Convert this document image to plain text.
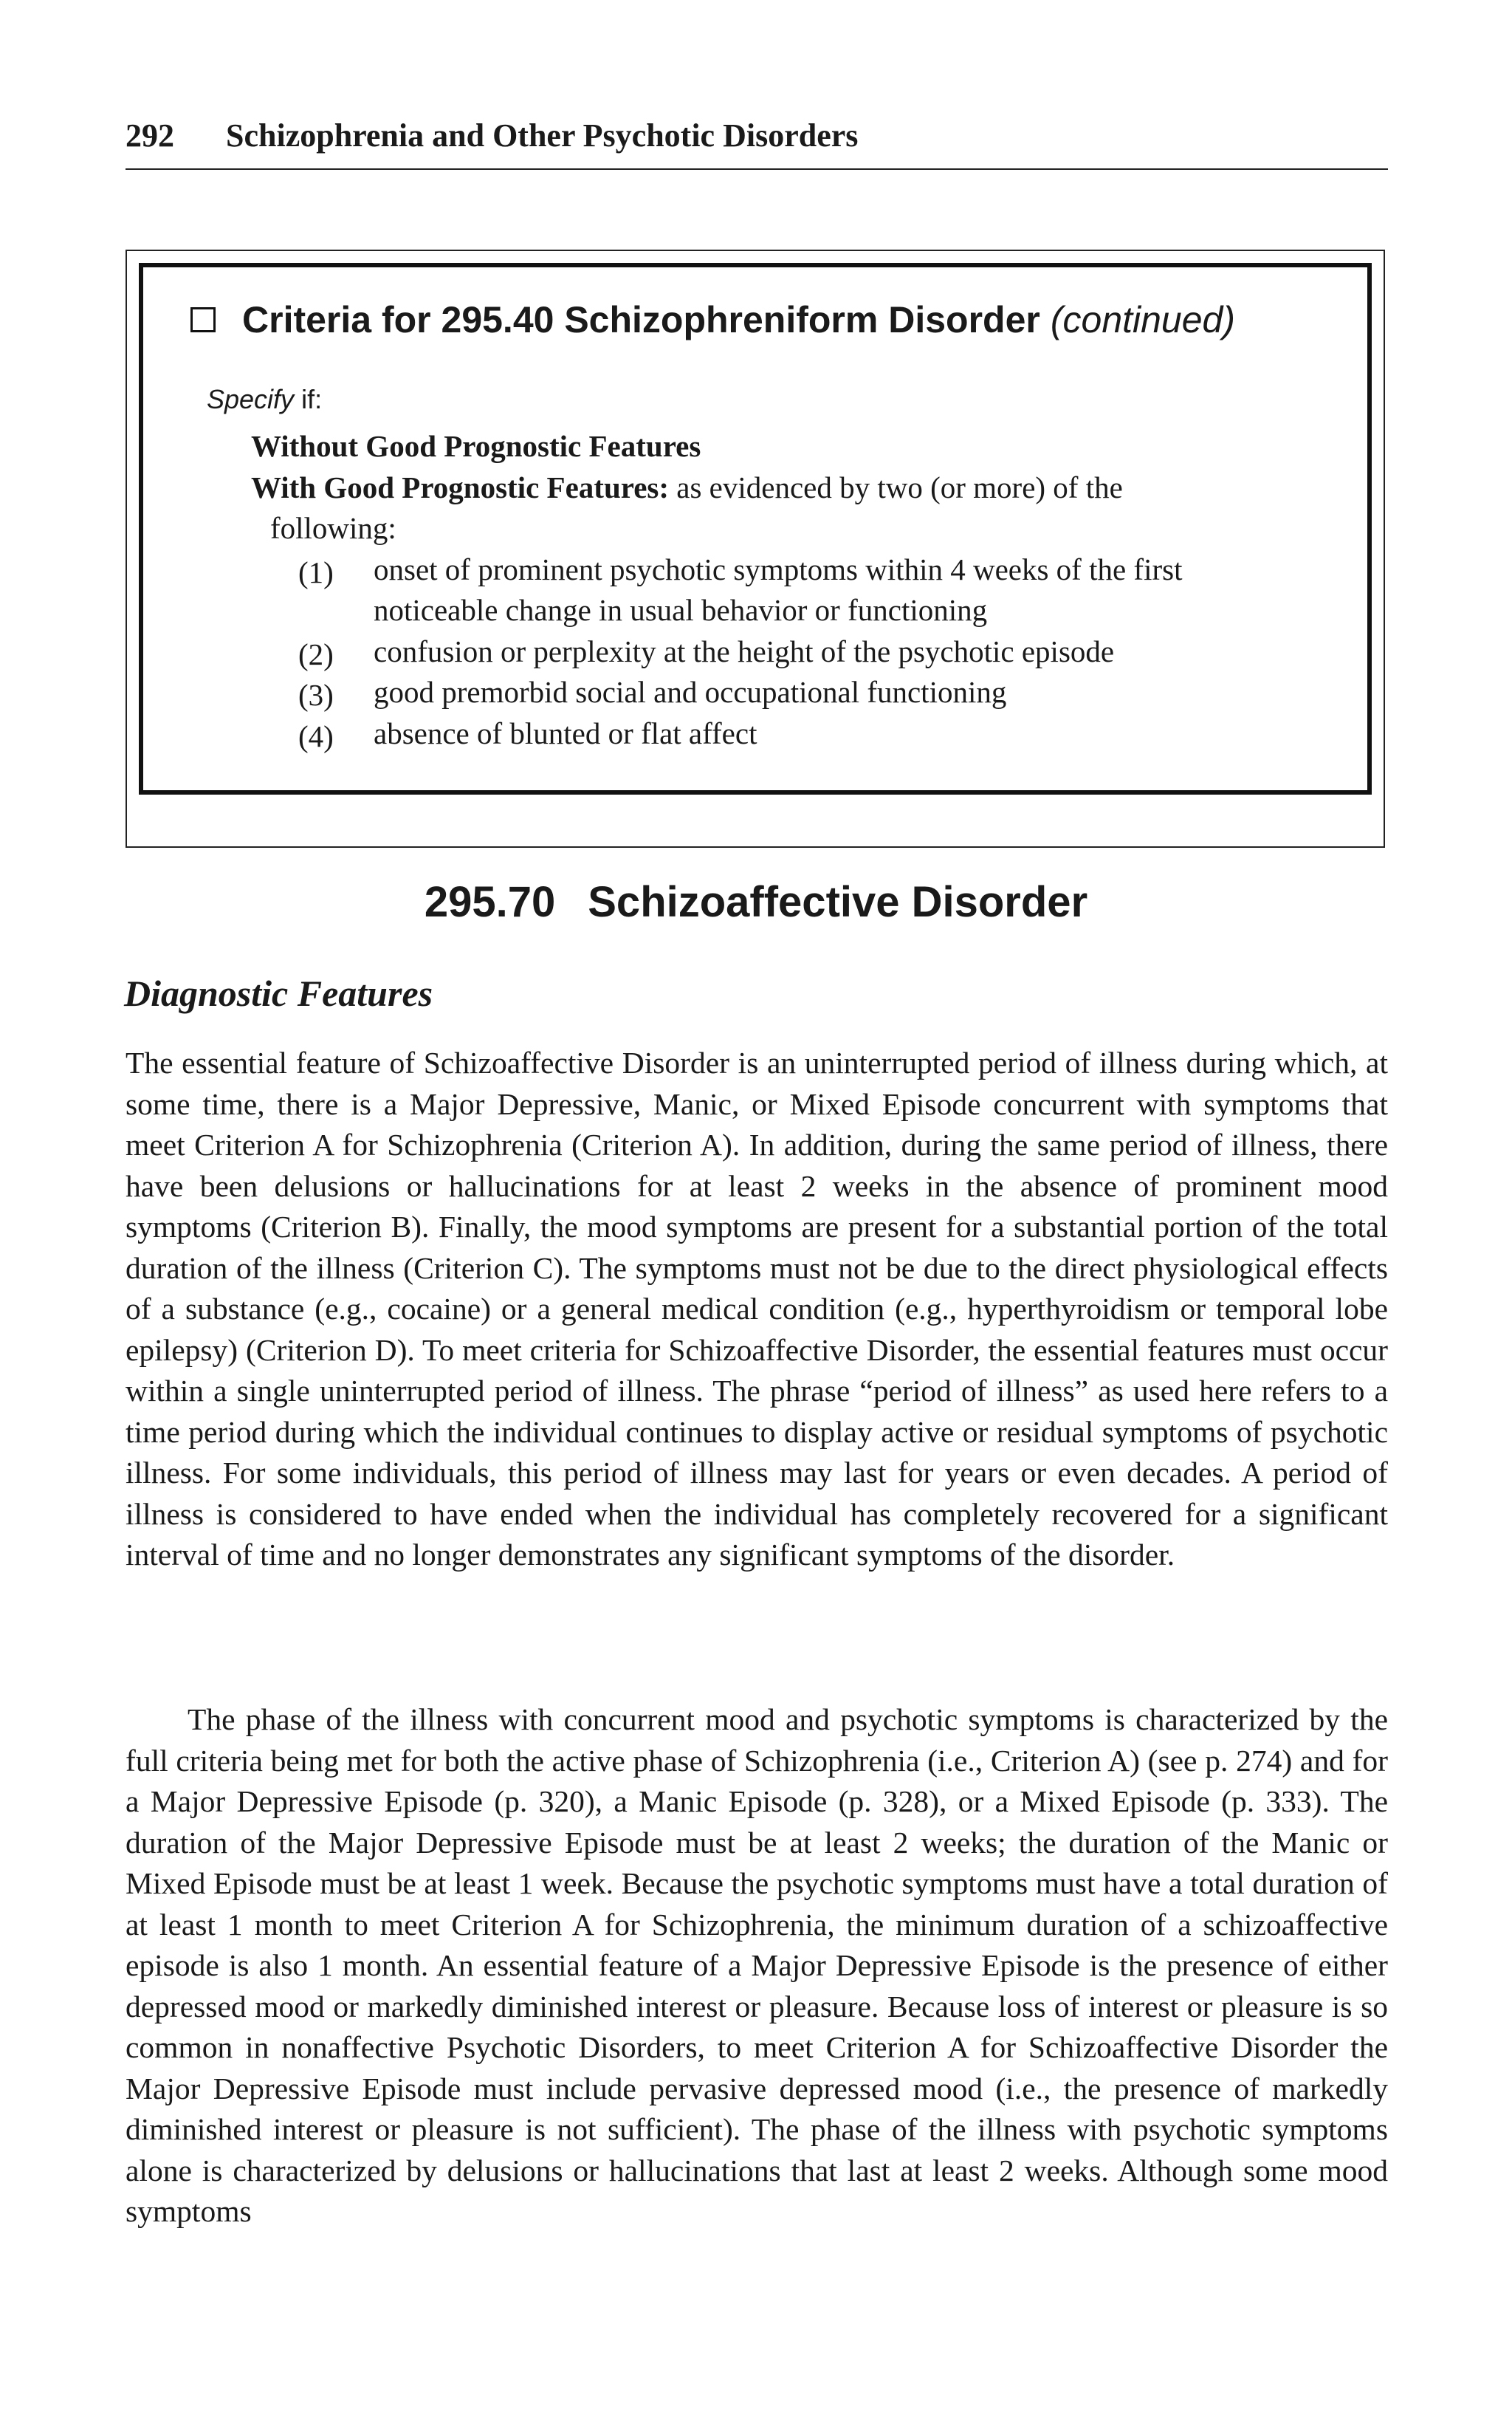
292 Schizophrenia and Other Psychotic Disorders
Criteria for 295.40 Schizophreniform Disorder (continued)
Specify if:
Without Good Prognostic Features
With Good Prognostic Features: as evidenced by two (or more) of the
following:
(1) onset of prominent psychotic symptoms within 4 weeks of the first
noticeable change in usual behavior or functioning
(2) confusion or perplexity at the height of the psychotic episode
(3) good premorbid social and occupational functioning
(4) absence of blunted or flat affect
295.70 Schizoaffective Disorder
Diagnostic Features

The essential feature of Schizoaffective Disorder is an uninterrupted period of illness during which, at some time, there is a Major Depressive, Manic, or Mixed Episode concurrent with symptoms that meet Criterion A for Schizophrenia (Criterion A). In addition, during the same period of illness, there have been delusions or hallucinations for at least 2 weeks in the absence of prominent mood symptoms (Criterion B). Finally, the mood symptoms are present for a substantial portion of the total duration of the illness (Criterion C). The symptoms must not be due to the direct physiological effects of a substance (e.g., cocaine) or a general medical condition (e.g., hyperthyroidism or temporal lobe epilepsy) (Criterion D). To meet criteria for Schizoaffective Disorder, the essential features must occur within a single uninterrupted period of illness. The phrase “period of illness” as used here refers to a time period during which the individual continues to display active or residual symptoms of psychotic illness. For some individuals, this period of illness may last for years or even decades. A period of illness is considered to have ended when the individual has completely recovered for a significant interval of time and no longer demonstrates any significant symptoms of the disorder.

The phase of the illness with concurrent mood and psychotic symptoms is characterized by the full criteria being met for both the active phase of Schizophrenia (i.e., Criterion A) (see p. 274) and for a Major Depressive Episode (p. 320), a Manic Episode (p. 328), or a Mixed Episode (p. 333). The duration of the Major Depressive Episode must be at least 2 weeks; the duration of the Manic or Mixed Episode must be at least 1 week. Because the psychotic symptoms must have a total duration of at least 1 month to meet Criterion A for Schizophrenia, the minimum duration of a schizoaffective episode is also 1 month. An essential feature of a Major Depressive Episode is the presence of either depressed mood or markedly diminished interest or pleasure. Because loss of interest or pleasure is so common in nonaffective Psychotic Disorders, to meet Criterion A for Schizoaffective Disorder the Major Depressive Episode must include pervasive depressed mood (i.e., the presence of markedly diminished interest or pleasure is not sufficient). The phase of the illness with psychotic symptoms alone is characterized by delusions or hallucinations that last at least 2 weeks. Although some mood symptoms
